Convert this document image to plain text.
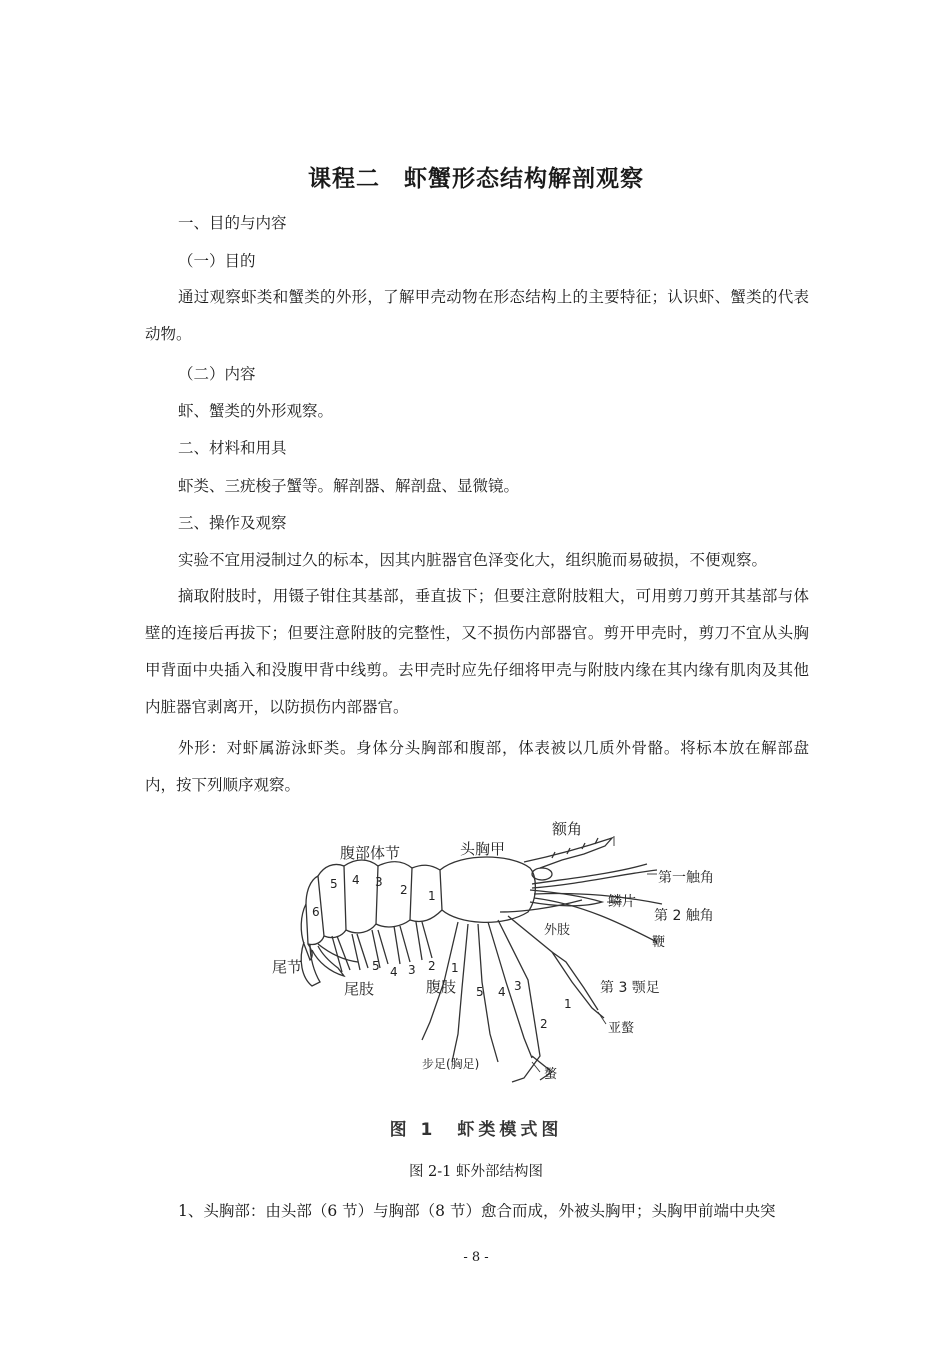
课程二　虾蟹形态结构解剖观察
一、目的与内容
（一）目的
通过观察虾类和蟹类的外形，了解甲壳动物在形态结构上的主要特征；认识虾、蟹类的代表动物。
（二）内容
虾、蟹类的外形观察。
二、材料和用具
虾类、三疣梭子蟹等。解剖器、解剖盘、显微镜。
三、操作及观察
实验不宜用浸制过久的标本，因其内脏器官色泽变化大，组织脆而易破损，不便观察。
摘取附肢时，用镊子钳住其基部，垂直拔下；但要注意附肢粗大，可用剪刀剪开其基部与体壁的连接后再拔下；但要注意附肢的完整性，又不损伤内部器官。剪开甲壳时，剪刀不宜从头胸甲背面中央插入和没腹甲背中线剪。去甲壳时应先仔细将甲壳与附肢内缘在其内缘有肌肉及其他内脏器官剥离开，以防损伤内部器官。
外形：对虾属游泳虾类。身体分头胸部和腹部，体表被以几质外骨骼。将标本放在解部盘内，按下列顺序观察。
腹部体节	头胸甲
额角
第一触角
鳞片
第 2 触角
鞭
外肢
尾节
尾肢	腹肢	第 3 颚足
亚螯
步足(胸足)
螯
1
2
3
4
5
6
1
2
3
4
5
1
2
3
4
5
图 1　虾类模式图
图 2-1 虾外部结构图
1、头胸部：由头部（6 节）与胸部（8 节）愈合而成，外被头胸甲；头胸甲前端中央突
- 8 -
